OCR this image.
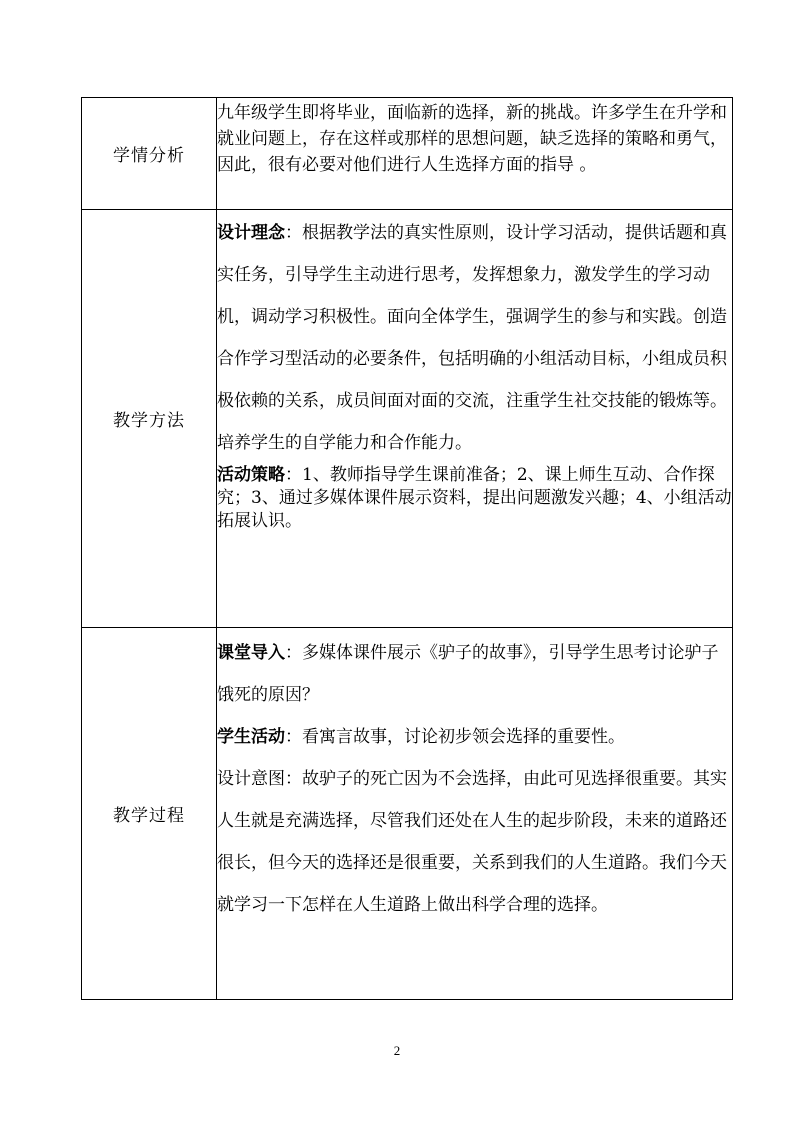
学情分析	九年级学生即将毕业，面临新的选择，新的挑战。许多学生在升学和就业问题上，存在这样或那样的思想问题，缺乏选择的策略和勇气，因此，很有必要对他们进行人生选择方面的指导 。

教学方法	设计理念：根据教学法的真实性原则，设计学习活动，提供话题和真实任务，引导学生主动进行思考，发挥想象力，激发学生的学习动机，调动学习积极性。面向全体学生，强调学生的参与和实践。创造合作学习型活动的必要条件，包括明确的小组活动目标，小组成员积极依赖的关系，成员间面对面的交流，注重学生社交技能的锻炼等。培养学生的自学能力和合作能力。

活动策略：1、教师指导学生课前准备；2、课上师生互动、合作探究；3、通过多媒体课件展示资料，提出问题激发兴趣；4、小组活动拓展认识。

教学过程	课堂导入：多媒体课件展示《驴子的故事》，引导学生思考讨论驴子饿死的原因？

学生活动：看寓言故事，讨论初步领会选择的重要性。

设计意图：故驴子的死亡因为不会选择，由此可见选择很重要。其实人生就是充满选择，尽管我们还处在人生的起步阶段，未来的道路还很长，但今天的选择还是很重要，关系到我们的人生道路。我们今天就学习一下怎样在人生道路上做出科学合理的选择。

2
